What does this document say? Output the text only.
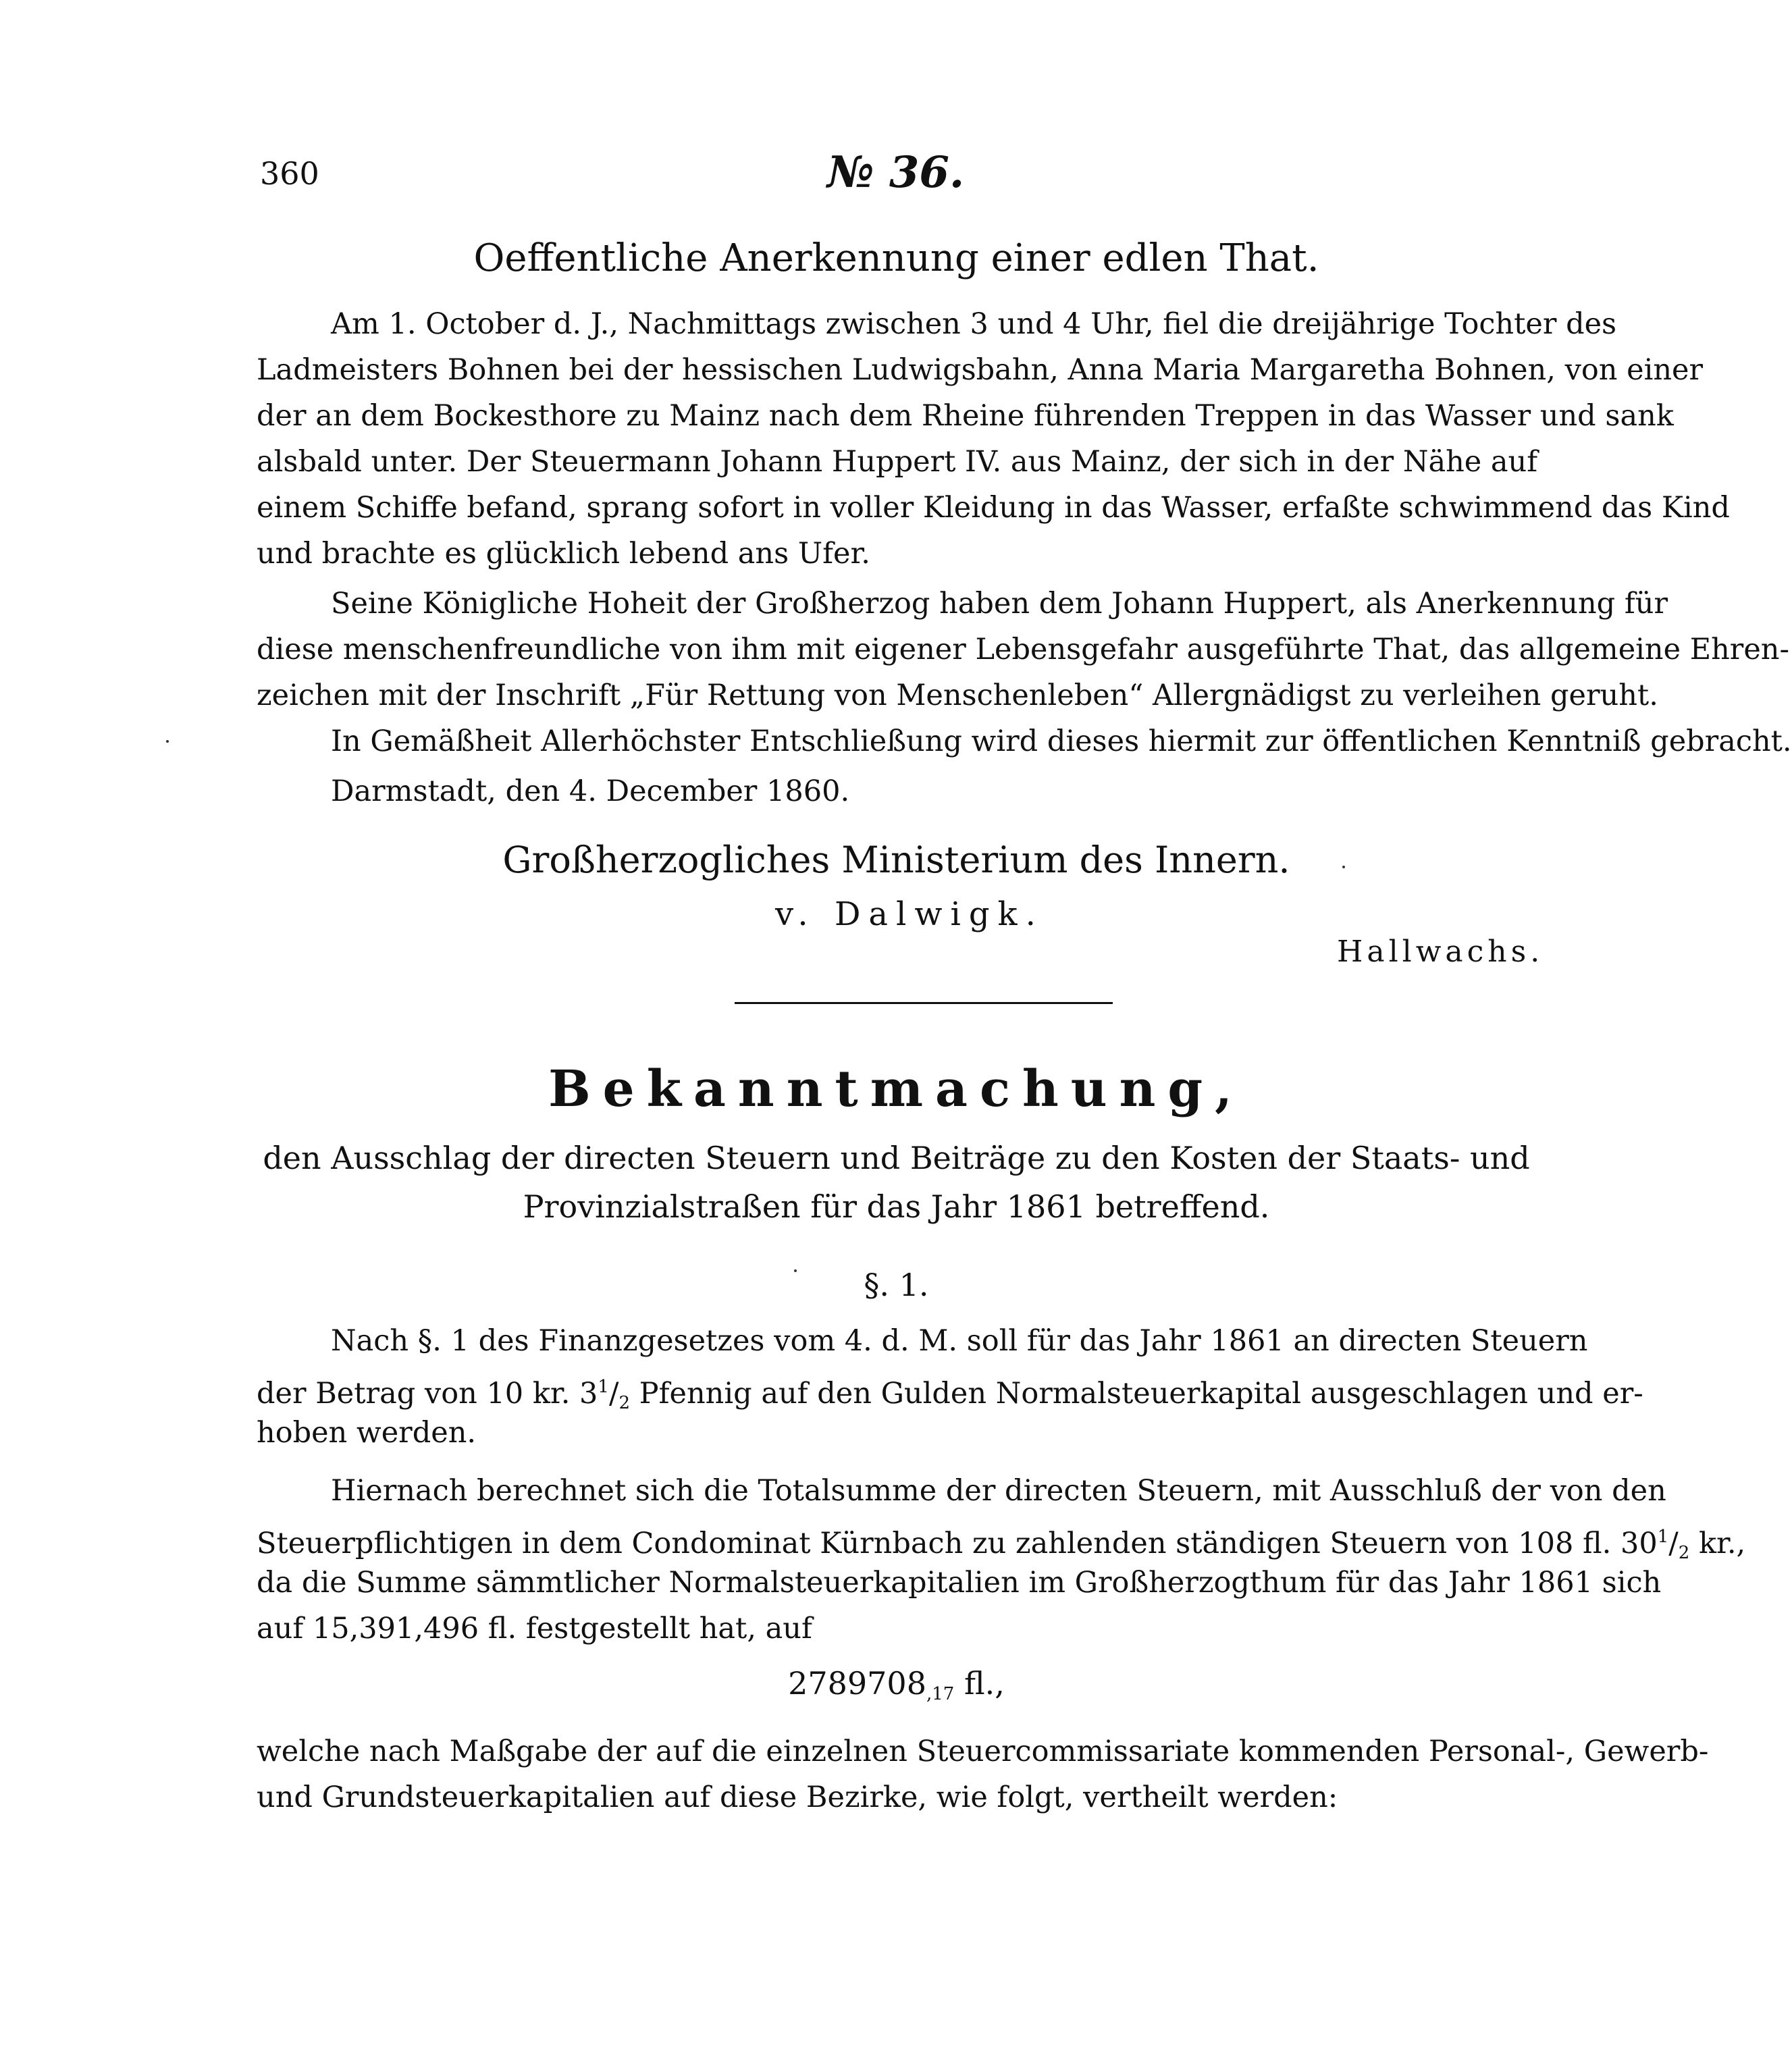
360	№ 36.
Oeffentliche Anerkennung einer edlen That.
Am 1. October d. J., Nachmittags zwischen 3 und 4 Uhr, fiel die dreijährige Tochter des
Ladmeisters Bohnen bei der hessischen Ludwigsbahn, Anna Maria Margaretha Bohnen, von einer
der an dem Bockesthore zu Mainz nach dem Rheine führenden Treppen in das Wasser und sank
alsbald unter. Der Steuermann Johann Huppert IV. aus Mainz, der sich in der Nähe auf
einem Schiffe befand, sprang sofort in voller Kleidung in das Wasser, erfaßte schwimmend das Kind
und brachte es glücklich lebend ans Ufer.
Seine Königliche Hoheit der Großherzog haben dem Johann Huppert, als Anerkennung für
diese menschenfreundliche von ihm mit eigener Lebensgefahr ausgeführte That, das allgemeine Ehren-
zeichen mit der Inschrift „Für Rettung von Menschenleben“ Allergnädigst zu verleihen geruht.
In Gemäßheit Allerhöchster Entschließung wird dieses hiermit zur öffentlichen Kenntniß gebracht.
Darmstadt, den 4. December 1860.
Großherzogliches Ministerium des Innern.
v. Dalwigk.
Hallwachs.
Bekanntmachung,
den Ausschlag der directen Steuern und Beiträge zu den Kosten der Staats- und
Provinzialstraßen für das Jahr 1861 betreffend.
§. 1.
Nach §. 1 des Finanzgesetzes vom 4. d. M. soll für das Jahr 1861 an directen Steuern
der Betrag von 10 kr. $3^1/_2$ Pfennig auf den Gulden Normalsteuerkapital ausgeschlagen und er-
hoben werden.
Hiernach berechnet sich die Totalsumme der directen Steuern, mit Ausschluß der von den
Steuerpflichtigen in dem Condominat Kürnbach zu zahlenden ständigen Steuern von 108 fl. $30^1/_2$ kr.,
da die Summe sämmtlicher Normalsteuerkapitalien im Großherzogthum für das Jahr 1861 sich
auf 15,391,496 fl. festgestellt hat, auf
$2789708_{,17}$ fl.,
welche nach Maßgabe der auf die einzelnen Steuercommissariate kommenden Personal-, Gewerb-
und Grundsteuerkapitalien auf diese Bezirke, wie folgt, vertheilt werden:
